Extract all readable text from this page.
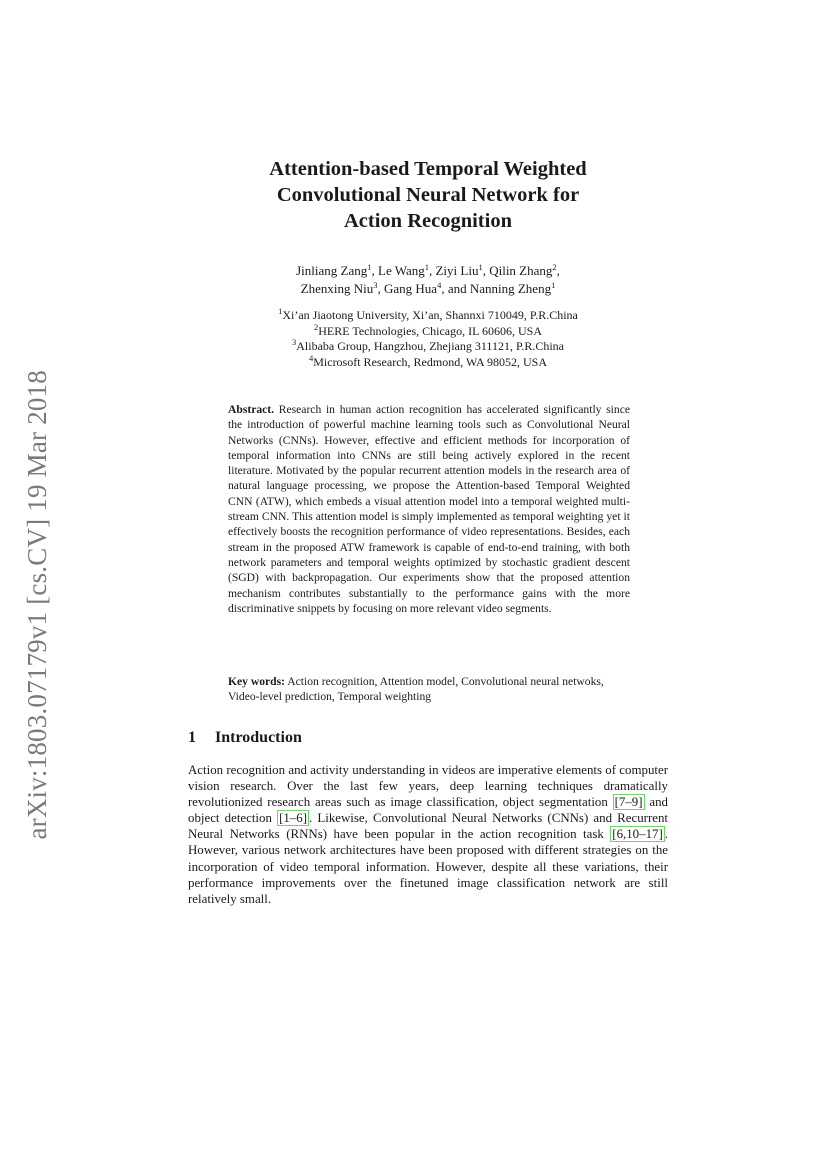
arXiv:1803.07179v1 [cs.CV] 19 Mar 2018
Attention-based Temporal Weighted
Convolutional Neural Network for
Action Recognition
Jinliang Zang$^1$, Le Wang$^1$, Ziyi Liu$^1$, Qilin Zhang$^2$,
Zhenxing Niu$^3$, Gang Hua$^4$, and Nanning Zheng$^1$
$^1$Xi’an Jiaotong University, Xi’an, Shannxi 710049, P.R.China
$^2$HERE Technologies, Chicago, IL 60606, USA
$^3$Alibaba Group, Hangzhou, Zhejiang 311121, P.R.China
$^4$Microsoft Research, Redmond, WA 98052, USA

Abstract. Research in human action recognition has accelerated significantly since the introduction of powerful machine learning tools such as Convolutional Neural Networks (CNNs). However, effective and efficient methods for incorporation of temporal information into CNNs are still being actively explored in the recent literature. Motivated by the popular recurrent attention models in the research area of natural language processing, we propose the Attention-based Temporal Weighted CNN (ATW), which embeds a visual attention model into a temporal weighted multi-stream CNN. This attention model is simply implemented as temporal weighting yet it effectively boosts the recognition performance of video representations. Besides, each stream in the proposed ATW framework is capable of end-to-end training, with both network parameters and temporal weights optimized by stochastic gradient descent (SGD) with backpropagation. Our experiments show that the proposed attention mechanism contributes substantially to the performance gains with the more discriminative snippets by focusing on more relevant video segments.

Key words: Action recognition, Attention model, Convolutional neural netwoks, Video-level prediction, Temporal weighting

1 Introduction

Action recognition and activity understanding in videos are imperative elements of computer vision research. Over the last few years, deep learning techniques dramatically revolutionized research areas such as image classification, object segmentation [7–9] and object detection [1–6] . Likewise, Convolutional Neural Networks (CNNs) and Recurrent Neural Networks (RNNs) have been popular in the action recognition task [6,10–17] . However, various network architectures have been proposed with different strategies on the incorporation of video temporal information. However, despite all these variations, their performance improvements over the finetuned image classification network are still relatively small.
